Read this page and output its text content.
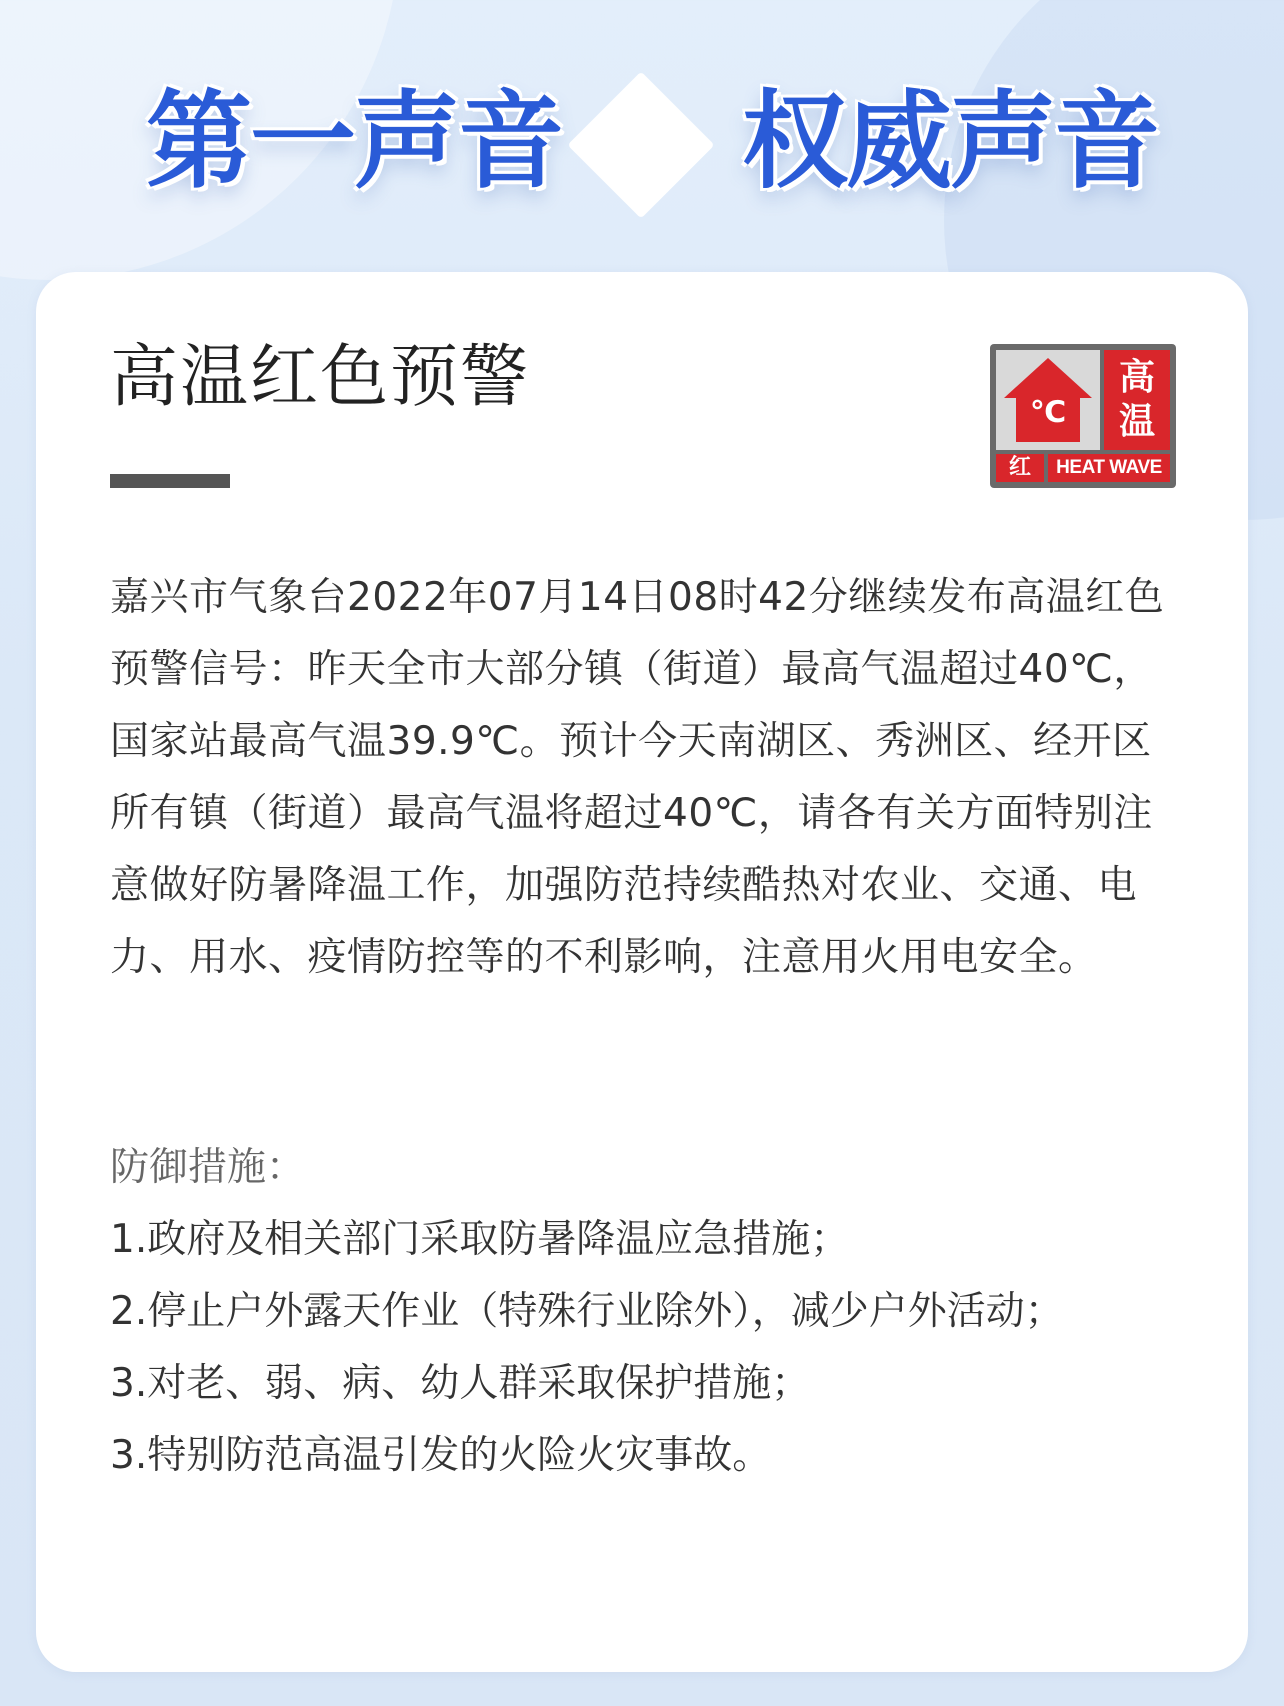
第一声音 权威声音
高温红色预警	℃
高温
红	HEAT WAVE

嘉兴市气象台2022年07月14日08时42分继续发布高温红色预警信号：昨天全市大部分镇（街道）最高气温超过40℃，国家站最高气温39.9℃。预计今天南湖区、秀洲区、经开区所有镇（街道）最高气温将超过40℃，请各有关方面特别注意做好防暑降温工作，加强防范持续酷热对农业、交通、电力、用水、疫情防控等的不利影响，注意用火用电安全。

防御措施：

1.政府及相关部门采取防暑降温应急措施；
2.停止户外露天作业（特殊行业除外），减少户外活动；
3.对老、弱、病、幼人群采取保护措施；
3.特别防范高温引发的火险火灾事故。
